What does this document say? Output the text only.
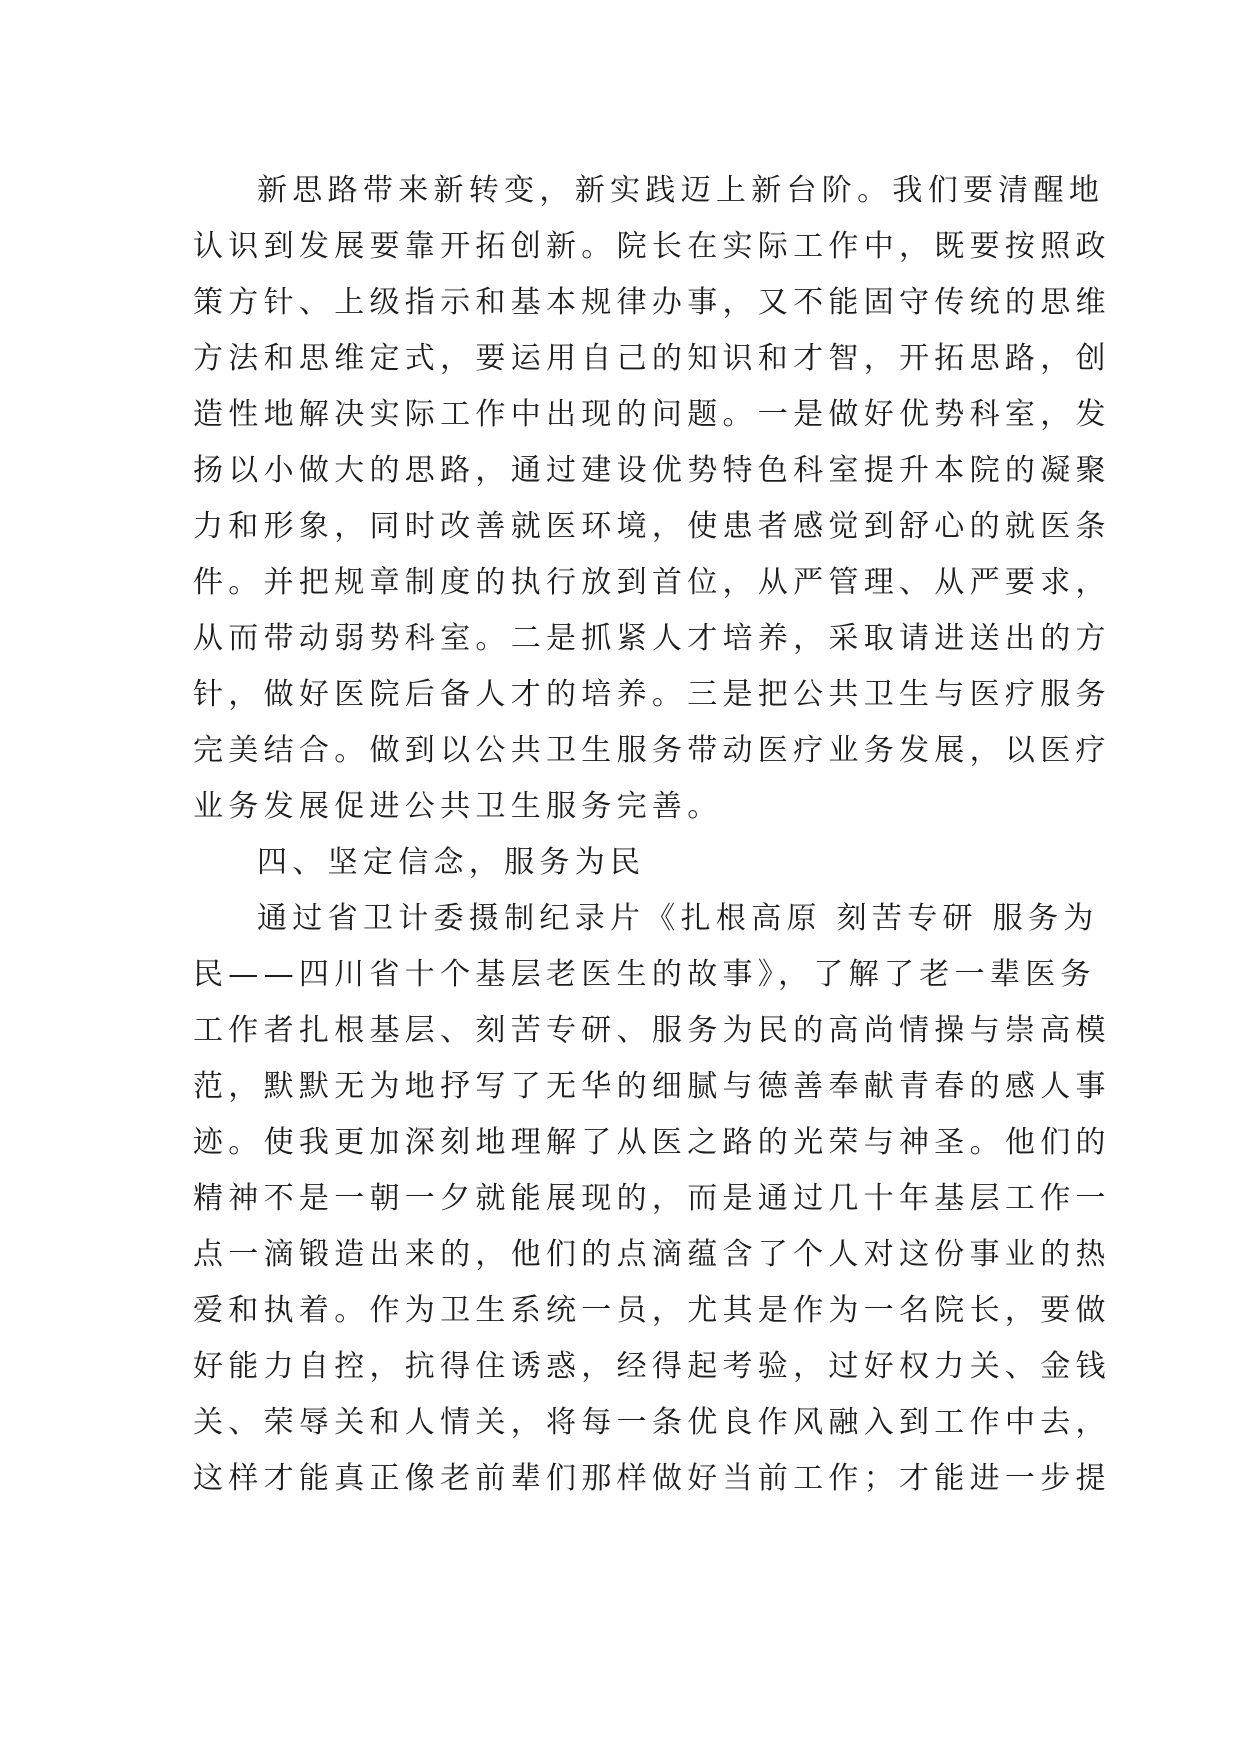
新思路带来新转变，新实践迈上新台阶。我们要清醒地
认识到发展要靠开拓创新。院长在实际工作中，既要按照政
策方针、上级指示和基本规律办事，又不能固守传统的思维
方法和思维定式，要运用自己的知识和才智，开拓思路，创
造性地解决实际工作中出现的问题。一是做好优势科室，发
扬以小做大的思路，通过建设优势特色科室提升本院的凝聚
力和形象，同时改善就医环境，使患者感觉到舒心的就医条
件。并把规章制度的执行放到首位，从严管理、从严要求，
从而带动弱势科室。二是抓紧人才培养，采取请进送出的方
针，做好医院后备人才的培养。三是把公共卫生与医疗服务
完美结合。做到以公共卫生服务带动医疗业务发展，以医疗
业务发展促进公共卫生服务完善。
四、坚定信念，服务为民
通过省卫计委摄制纪录片《扎根高原 刻苦专研 服务为
民——四川省十个基层老医生的故事》，了解了老一辈医务
工作者扎根基层、刻苦专研、服务为民的高尚情操与崇高模
范，默默无为地抒写了无华的细腻与德善奉献青春的感人事
迹。使我更加深刻地理解了从医之路的光荣与神圣。他们的
精神不是一朝一夕就能展现的，而是通过几十年基层工作一
点一滴锻造出来的，他们的点滴蕴含了个人对这份事业的热
爱和执着。作为卫生系统一员，尤其是作为一名院长，要做
好能力自控，抗得住诱惑，经得起考验，过好权力关、金钱
关、荣辱关和人情关，将每一条优良作风融入到工作中去，
这样才能真正像老前辈们那样做好当前工作；才能进一步提
